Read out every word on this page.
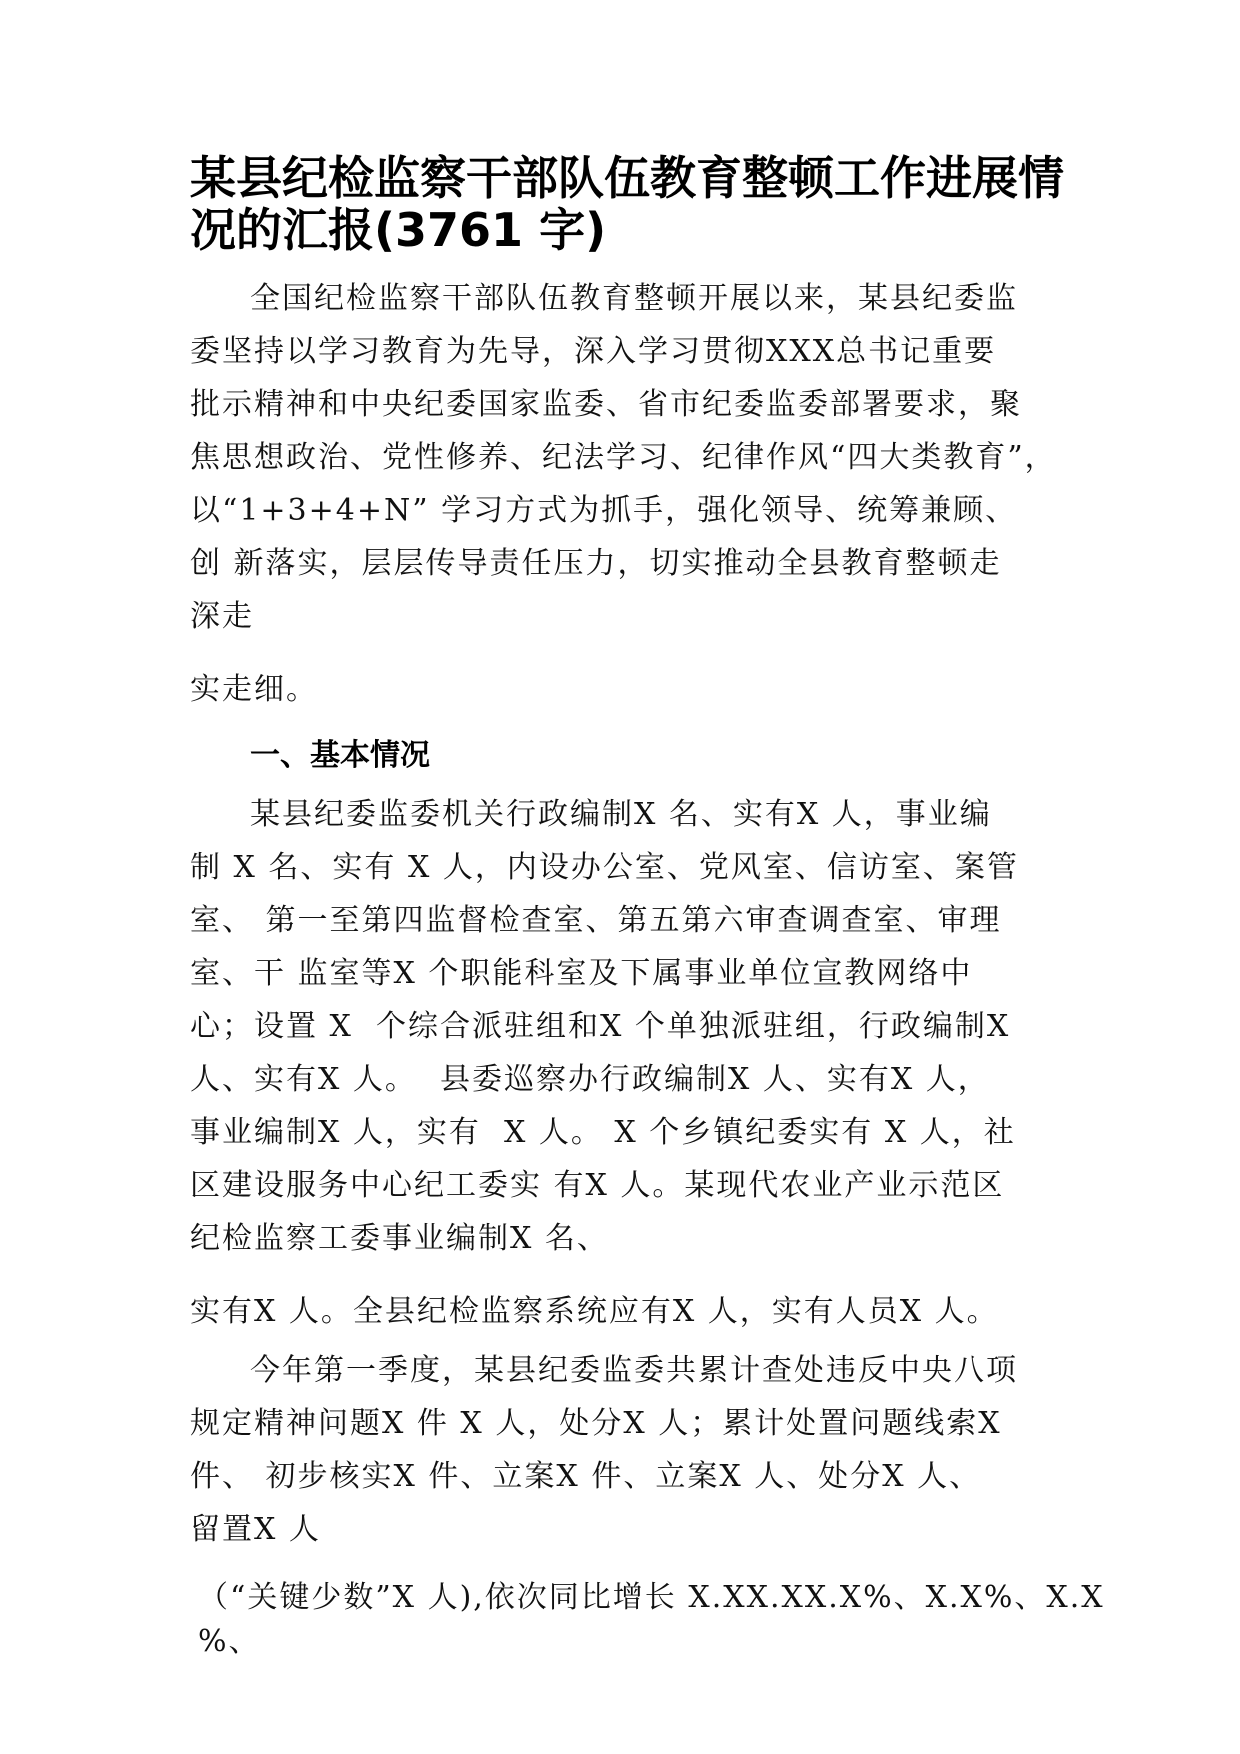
某县纪检监察干部队伍教育整顿工作进展情况的汇报(3761 字)

全国纪检监察干部队伍教育整顿开展以来，某县纪委监
委坚持以学习教育为先导，深入学习贯彻XXX总书记重要
批示精神和中央纪委国家监委、省市纪委监委部署要求，聚
焦思想政治、党性修养、纪法学习、纪律作风“四大类教育”，
以“1+3+4+N” 学习方式为抓手，强化领导、统筹兼顾、
创 新落实，层层传导责任压力，切实推动全县教育整顿走
深走

实走细。

一、基本情况

某县纪委监委机关行政编制X 名、实有X 人，事业编
制 X 名、实有 X 人，内设办公室、党风室、信访室、案管
室、 第一至第四监督检查室、第五第六审查调查室、审理
室、干 监室等X 个职能科室及下属事业单位宣教网络中
心；设置 X  个综合派驻组和X 个单独派驻组，行政编制X
人、实有X 人。  县委巡察办行政编制X 人、实有X 人，
事业编制X 人，实有  X 人。 X 个乡镇纪委实有 X 人，社
区建设服务中心纪工委实 有X 人。某现代农业产业示范区
纪检监察工委事业编制X 名、

实有X 人。全县纪检监察系统应有X 人，实有人员X 人。

今年第一季度，某县纪委监委共累计查处违反中央八项
规定精神问题X 件 X 人，处分X 人；累计处置问题线索X
件、 初步核实X 件、立案X 件、立案X 人、处分X 人、
留置X 人

（“关键少数”X 人),依次同比增长 X.XX.XX.X%、X.X%、X.X
%、
